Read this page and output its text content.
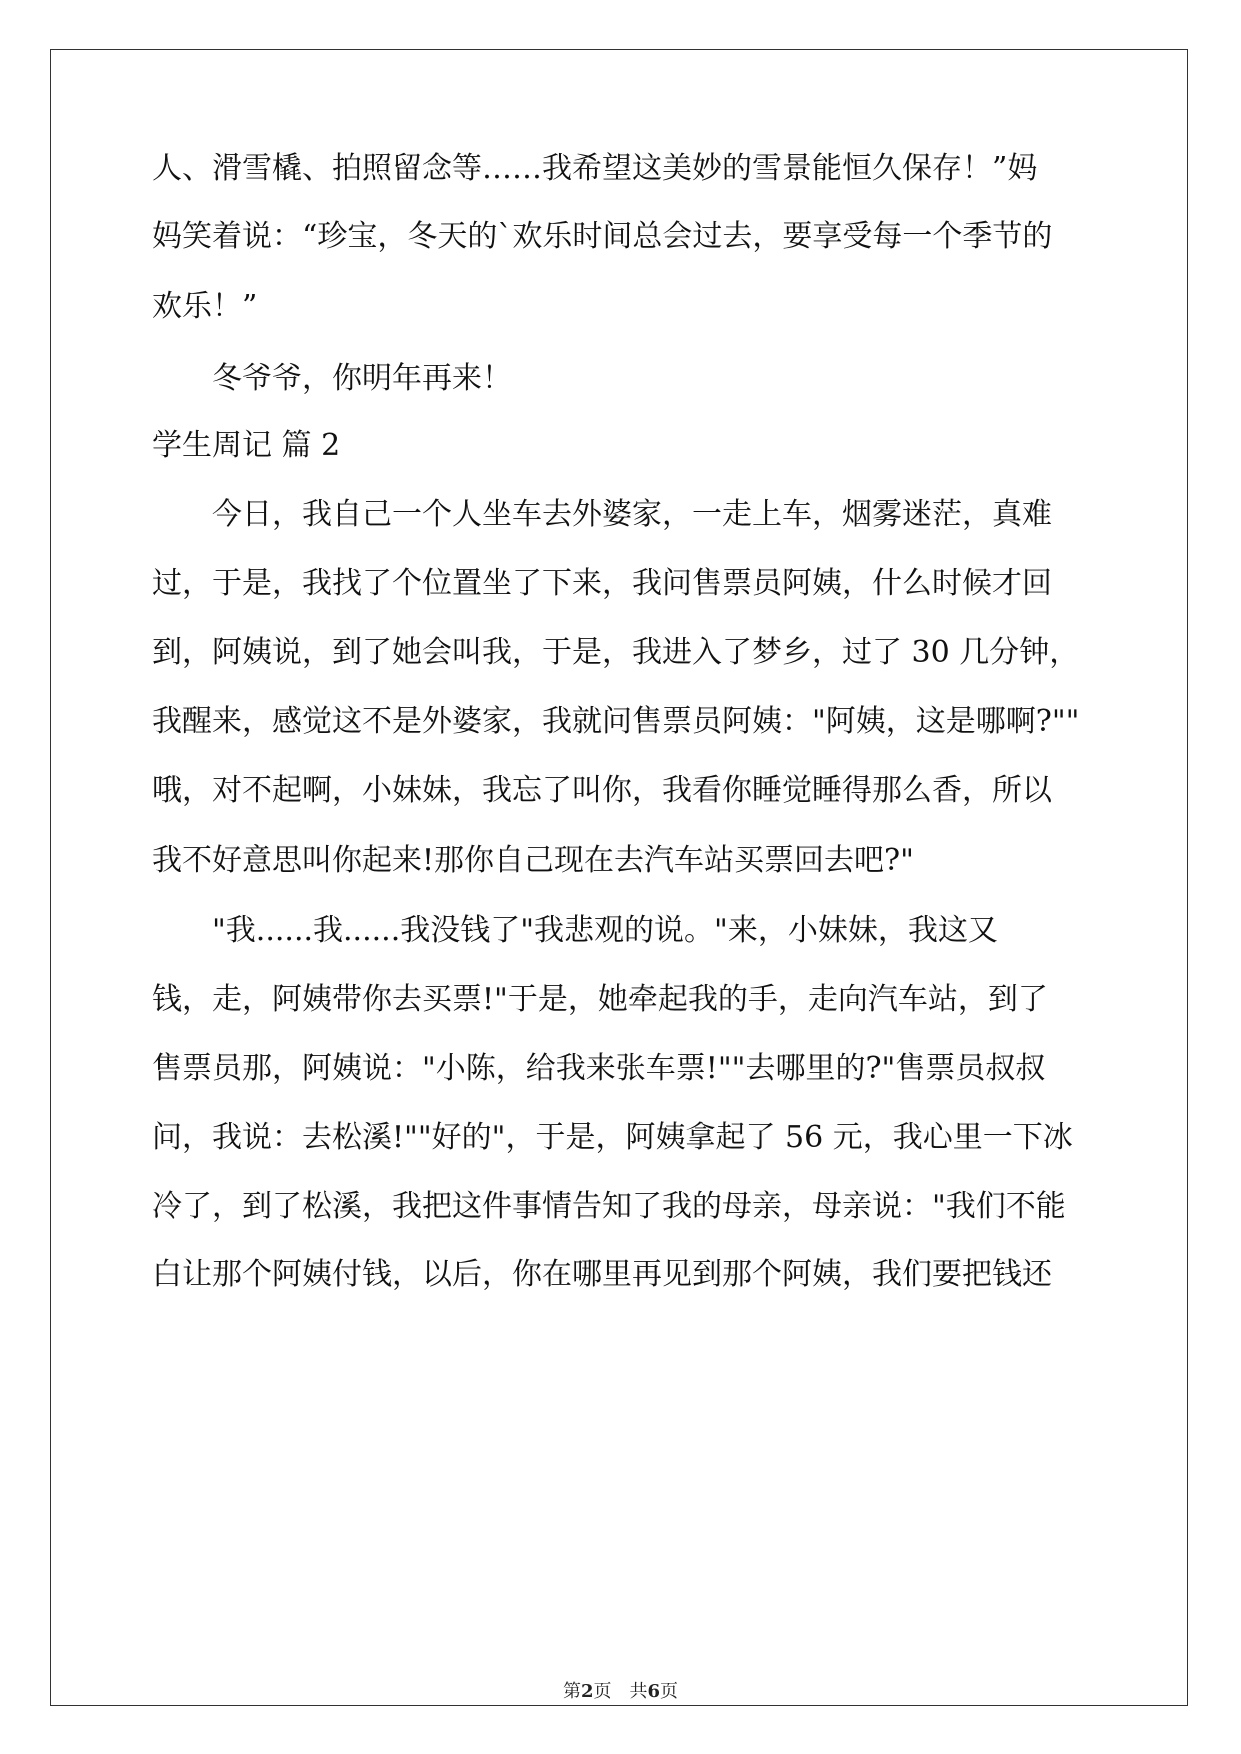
人、滑雪橇、拍照留念等……我希望这美妙的雪景能恒久保存！”妈
妈笑着说：“珍宝，冬天的`欢乐时间总会过去，要享受每一个季节的
欢乐！”
冬爷爷，你明年再来！
学生周记 篇 2
今日，我自己一个人坐车去外婆家，一走上车，烟雾迷茫，真难
过，于是，我找了个位置坐了下来，我问售票员阿姨，什么时候才回
到，阿姨说，到了她会叫我，于是，我进入了梦乡，过了 30 几分钟，
我醒来，感觉这不是外婆家，我就问售票员阿姨："阿姨，这是哪啊?""
哦，对不起啊，小妹妹，我忘了叫你，我看你睡觉睡得那么香，所以
我不好意思叫你起来!那你自己现在去汽车站买票回去吧?"
"我......我......我没钱了"我悲观的说。"来，小妹妹，我这又
钱，走，阿姨带你去买票!"于是，她牵起我的手，走向汽车站，到了
售票员那，阿姨说："小陈，给我来张车票!""去哪里的?"售票员叔叔
问，我说：去松溪!""好的"，于是，阿姨拿起了 56 元，我心里一下冰
冷了，到了松溪，我把这件事情告知了我的母亲，母亲说："我们不能
白让那个阿姨付钱，以后，你在哪里再见到那个阿姨，我们要把钱还
第2页　共6页
